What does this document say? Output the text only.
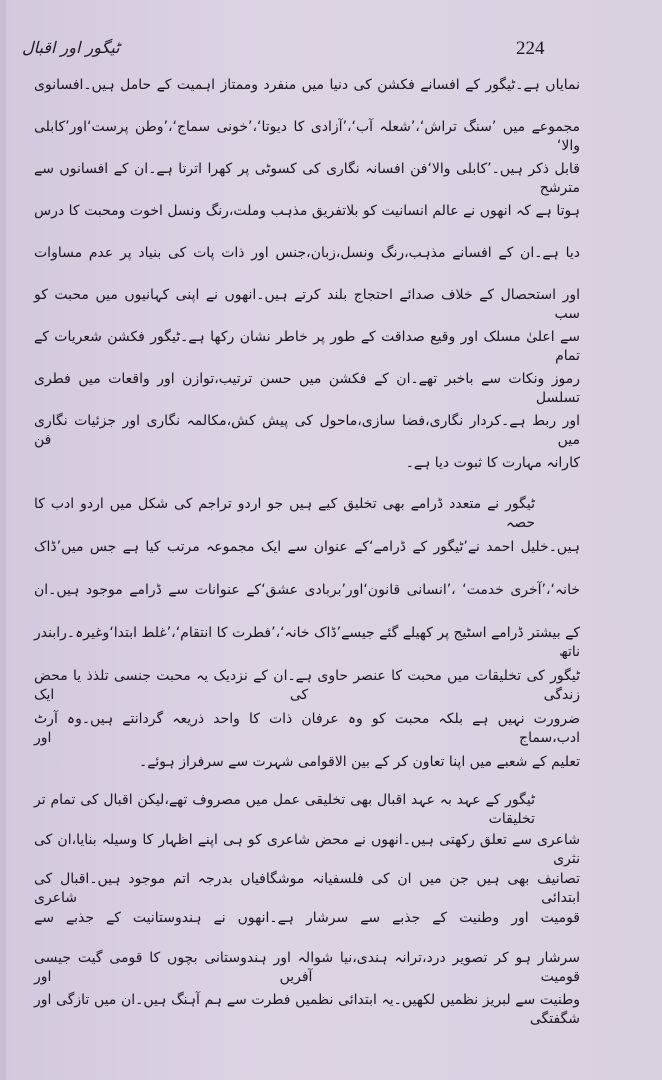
ٹیگور اور اقبال	224
نمایاں ہے۔ٹیگور کے افسانے فکشن کی دنیا میں منفرد وممتاز اہمیت کے حامل ہیں۔افسانوی
مجموعے میں ’سنگ تراش‘،’شعلہ آب‘،’آزادی کا دیوتا‘،’خونی سماج‘،’وطن پرست‘اور’کابلی والا‘
قابل ذکر ہیں۔’کابلی والا‘فن افسانہ نگاری کی کسوٹی پر کھرا اترتا ہے۔ان کے افسانوں سے مترشح
ہوتا ہے کہ انھوں نے عالم انسانیت کو بلاتفریق مذہب وملت،رنگ ونسل اخوت ومحبت کا درس
دیا ہے۔ان کے افسانے مذہب،رنگ ونسل،زبان،جنس اور ذات پات کی بنیاد پر عدم مساوات
اور استحصال کے خلاف صدائے احتجاج بلند کرتے ہیں۔انھوں نے اپنی کہانیوں میں محبت کو سب
سے اعلیٰ مسلک اور وقیع صداقت کے طور پر خاطر نشان رکھا ہے۔ٹیگور فکشن شعریات کے تمام
رموز ونکات سے باخبر تھے۔ان کے فکشن میں حسن ترتیب،توازن اور واقعات میں فطری تسلسل
اور ربط ہے۔کردار نگاری،فضا سازی،ماحول کی پیش کش،مکالمہ نگاری اور جزئیات نگاری میں فن
کارانہ مہارت کا ثبوت دیا ہے۔
ٹیگور نے متعدد ڈرامے بھی تخلیق کیے ہیں جو اردو تراجم کی شکل میں اردو ادب کا حصہ
ہیں۔خلیل احمد نے’ٹیگور کے ڈرامے‘کے عنوان سے ایک مجموعہ مرتب کیا ہے جس میں’ڈاک
خانہ‘،’آخری خدمت‘ ،’انسانی قانون‘اور’بربادی عشق‘کے عنوانات سے ڈرامے موجود ہیں۔ان
کے بیشتر ڈرامے اسٹیج پر کھیلے گئے جیسے’ڈاک خانہ‘،’فطرت کا انتقام‘،’غلط ابتدا‘وغیرہ۔رابندر ناتھ
ٹیگور کی تخلیقات میں محبت کا عنصر حاوی ہے۔ان کے نزدیک یہ محبت جنسی تلذذ یا محض زندگی کی ایک
ضرورت نہیں ہے بلکہ محبت کو وہ عرفان ذات کا واحد ذریعہ گردانتے ہیں۔وہ آرٹ ادب،سماج اور
تعلیم کے شعبے میں اپنا تعاون کر کے بین الاقوامی شہرت سے سرفراز ہوئے۔
ٹیگور کے عہد بہ عہد اقبال بھی تخلیقی عمل میں مصروف تھے،لیکن اقبال کی تمام تر تخلیقات
شاعری سے تعلق رکھتی ہیں۔انھوں نے محض شاعری کو ہی اپنے اظہار کا وسیلہ بنایا،ان کی نثری
تصانیف بھی ہیں جن میں ان کی فلسفیانہ موشگافیاں بدرجہ اتم موجود ہیں۔اقبال کی ابتدائی شاعری
قومیت اور وطنیت کے جذبے سے سرشار ہے۔انھوں نے ہندوستانیت کے جذبے سے
سرشار ہو کر تصویر درد،ترانہ ہندی،نیا شوالہ اور ہندوستانی بچوں کا قومی گیت جیسی قومیت آفریں اور
وطنیت سے لبریز نظمیں لکھیں۔یہ ابتدائی نظمیں فطرت سے ہم آہنگ ہیں۔ان میں تازگی اور شگفتگی
